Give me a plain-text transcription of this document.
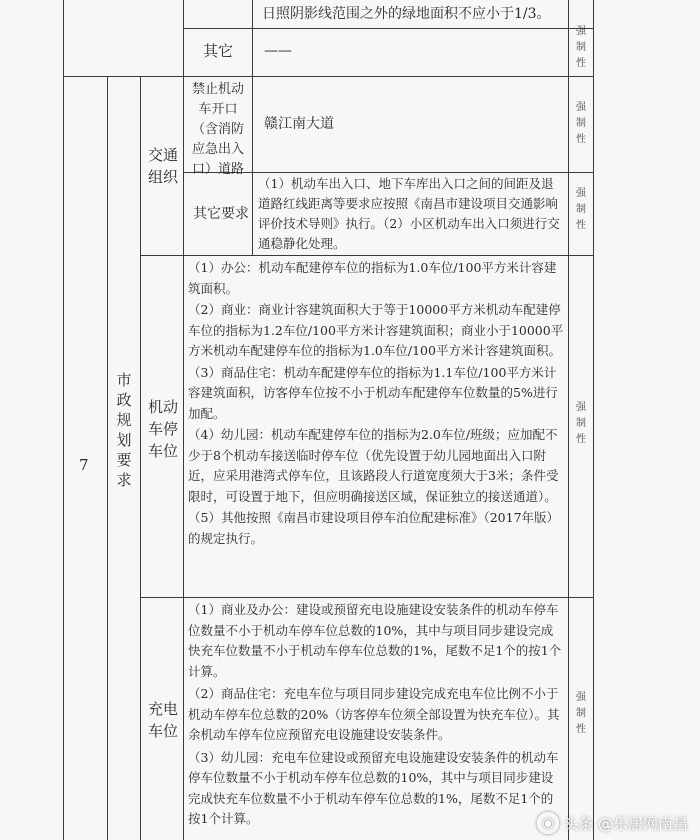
日照阴影线范围之外的绿地面积不应小于1/3。
其它 ——
7
市
政
规
划
要
求
交通组织
禁止机动车开口（含消防应急出入口）道路
赣江南大道
其它要求
（1）机动车出入口、地下车库出入口之间的间距及退道路红线距离等要求应按照《南昌市建设项目交通影响评价技术导则》执行。（2）小区机动车出入口须进行交通稳静化处理。
机动车停车位
（1）办公：机动车配建停车位的指标为1.0车位/100平方米计容建筑面积。
（2）商业：商业计容建筑面积大于等于10000平方米机动车配建停车位的指标为1.2车位/100平方米计容建筑面积；商业小于10000平方米机动车配建停车位的指标为1.0车位/100平方米计容建筑面积。
（3）商品住宅：机动车配建停车位的指标为1.1车位/100平方米计容建筑面积，访客停车位按不小于机动车配建停车位数量的5%进行加配。
（4）幼儿园：机动车配建停车位的指标为2.0车位/班级；应加配不少于8个机动车接送临时停车位（优先设置于幼儿园地面出入口附近，应采用港湾式停车位，且该路段人行道宽度须大于3米；条件受限时，可设置于地下，但应明确接送区域，保证独立的接送通道）。
（5）其他按照《南昌市建设项目停车泊位配建标准》（2017年版）的规定执行。
充电车位
（1）商业及办公：建设或预留充电设施建设安装条件的机动车停车位数量不小于机动车停车位总数的10%，其中与项目同步建设完成快充车位数量不小于机动车停车位总数的1%，尾数不足1个的按1个计算。
（2）商品住宅：充电车位与项目同步建设完成充电车位比例不小于机动车停车位总数的20%（访客停车位须全部设置为快充车位）。其余机动车停车位应预留充电设施建设安装条件。
（3）幼儿园：充电车位建设或预留充电设施建设安装条件的机动车停车位数量不小于机动车停车位总数的10%，其中与项目同步建设完成快充车位数量不小于机动车停车位总数的1%，尾数不足1个的按1个计算。
强
制
性
强
制
性
强
制
性
强
制
性
强
制
性
◉ 头条 @乐居网南昌
